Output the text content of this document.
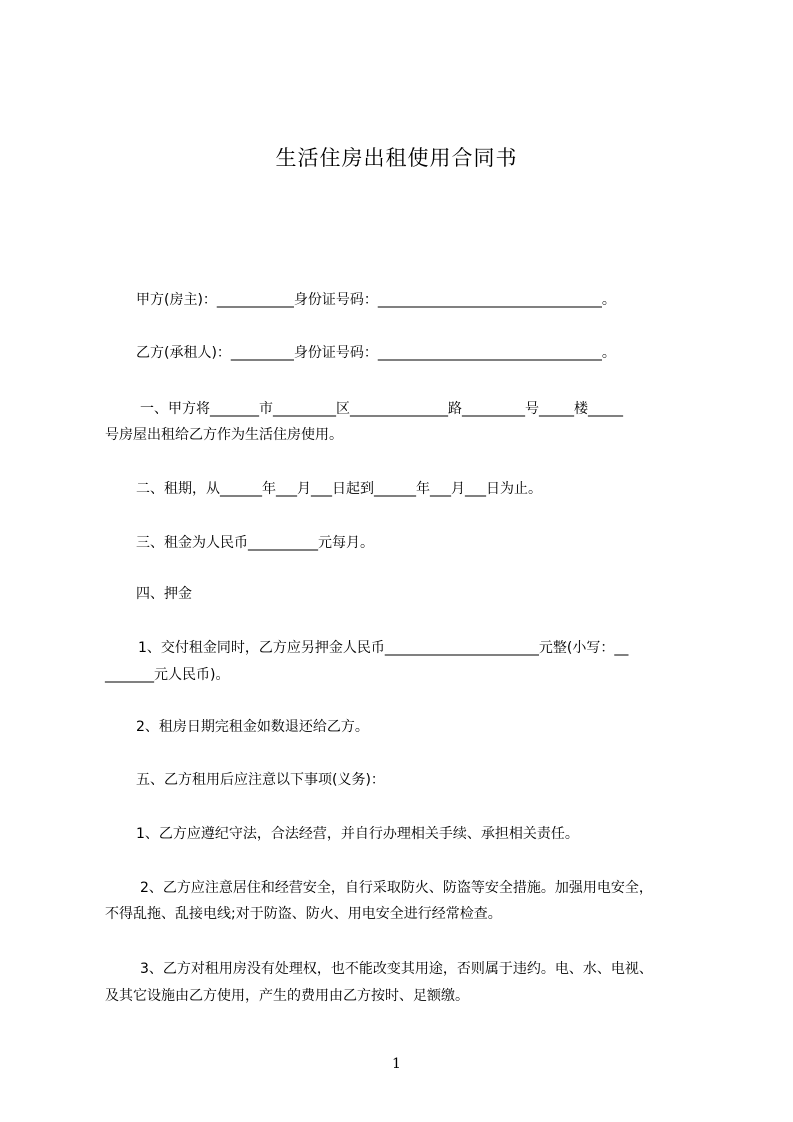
生活住房出租使用合同书
甲方(房主)：___________身份证号码：________________________________。
乙方(承租人)：_________身份证号码：________________________________。
一、甲方将_______市_________区______________路_________号_____楼_____
号房屋出租给乙方作为生活住房使用。
二、租期，从______年___月___日起到______年___月___日为止。
三、租金为人民币__________元每月。
四、押金
1、交付租金同时，乙方应另押金人民币______________________元整(小写：__
_______元人民币)。
2、租房日期完租金如数退还给乙方。
五、乙方租用后应注意以下事项(义务)：
1、乙方应遵纪守法，合法经营，并自行办理相关手续、承担相关责任。
2、乙方应注意居住和经营安全，自行采取防火、防盗等安全措施。加强用电安全，
不得乱拖、乱接电线;对于防盗、防火、用电安全进行经常检查。
3、乙方对租用房没有处理权，也不能改变其用途，否则属于违约。电、水、电视、
及其它设施由乙方使用，产生的费用由乙方按时、足额缴。
1
